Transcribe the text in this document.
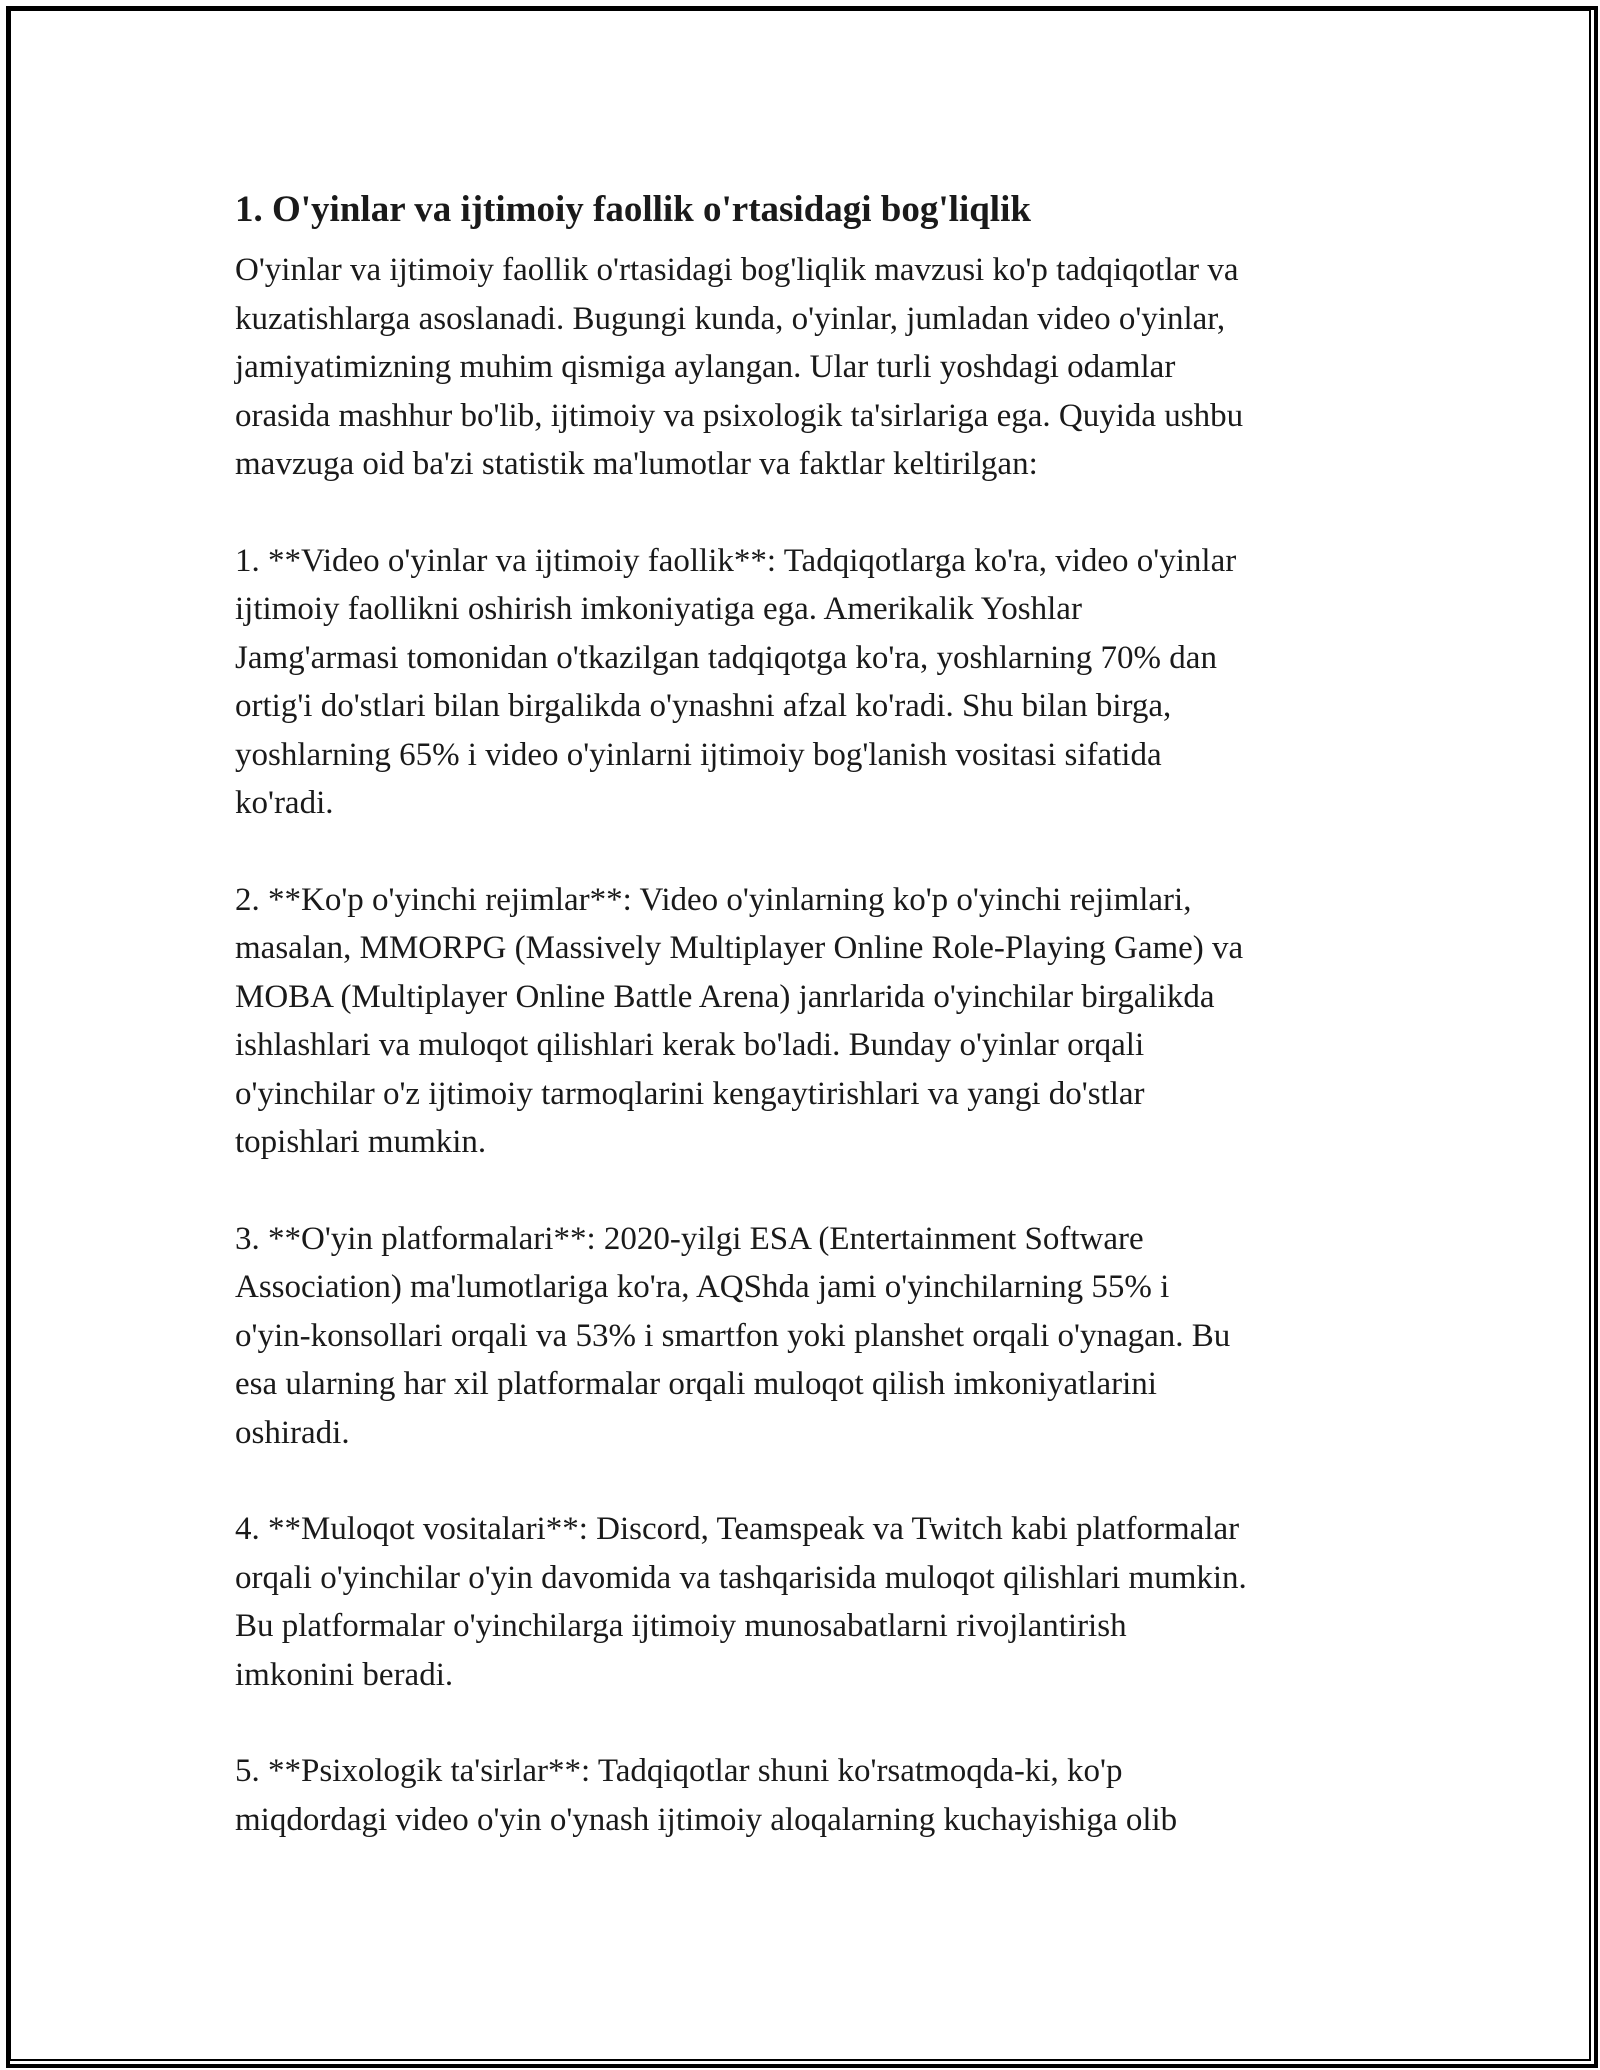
1. O'yinlar va ijtimoiy faollik o'rtasidagi bog'liqlik
O'yinlar va ijtimoiy faollik o'rtasidagi bog'liqlik mavzusi ko'p tadqiqotlar va
kuzatishlarga asoslanadi. Bugungi kunda, o'yinlar, jumladan video o'yinlar,
jamiyatimizning muhim qismiga aylangan. Ular turli yoshdagi odamlar
orasida mashhur bo'lib, ijtimoiy va psixologik ta'sirlariga ega. Quyida ushbu
mavzuga oid ba'zi statistik ma'lumotlar va faktlar keltirilgan:
1. **Video o'yinlar va ijtimoiy faollik**: Tadqiqotlarga ko'ra, video o'yinlar
ijtimoiy faollikni oshirish imkoniyatiga ega. Amerikalik Yoshlar
Jamg'armasi tomonidan o'tkazilgan tadqiqotga ko'ra, yoshlarning 70% dan
ortig'i do'stlari bilan birgalikda o'ynashni afzal ko'radi. Shu bilan birga,
yoshlarning 65% i video o'yinlarni ijtimoiy bog'lanish vositasi sifatida
ko'radi.
2. **Ko'p o'yinchi rejimlar**: Video o'yinlarning ko'p o'yinchi rejimlari,
masalan, MMORPG (Massively Multiplayer Online Role-Playing Game) va
MOBA (Multiplayer Online Battle Arena) janrlarida o'yinchilar birgalikda
ishlashlari va muloqot qilishlari kerak bo'ladi. Bunday o'yinlar orqali
o'yinchilar o'z ijtimoiy tarmoqlarini kengaytirishlari va yangi do'stlar
topishlari mumkin.
3. **O'yin platformalari**: 2020-yilgi ESA (Entertainment Software
Association) ma'lumotlariga ko'ra, AQShda jami o'yinchilarning 55% i
o'yin-konsollari orqali va 53% i smartfon yoki planshet orqali o'ynagan. Bu
esa ularning har xil platformalar orqali muloqot qilish imkoniyatlarini
oshiradi.
4. **Muloqot vositalari**: Discord, Teamspeak va Twitch kabi platformalar
orqali o'yinchilar o'yin davomida va tashqarisida muloqot qilishlari mumkin.
Bu platformalar o'yinchilarga ijtimoiy munosabatlarni rivojlantirish
imkonini beradi.
5. **Psixologik ta'sirlar**: Tadqiqotlar shuni ko'rsatmoqda-ki, ko'p
miqdordagi video o'yin o'ynash ijtimoiy aloqalarning kuchayishiga olib
